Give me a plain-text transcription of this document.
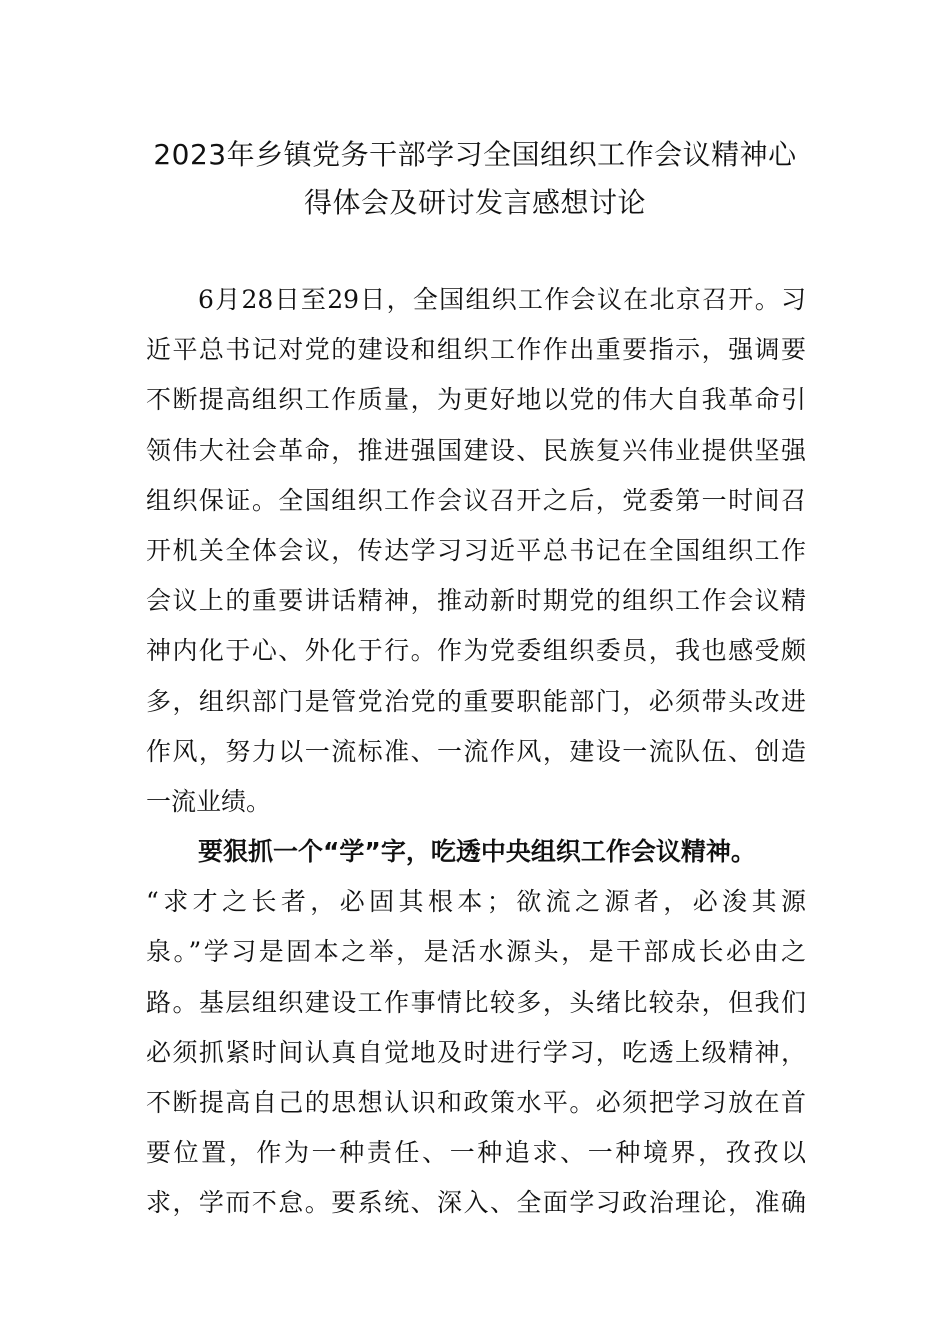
2023年乡镇党务干部学习全国组织工作会议精神心
得体会及研讨发言感想讨论
6月28日至29日，全国组织工作会议在北京召开。习
近平总书记对党的建设和组织工作作出重要指示，强调要
不断提高组织工作质量，为更好地以党的伟大自我革命引
领伟大社会革命，推进强国建设、民族复兴伟业提供坚强
组织保证。全国组织工作会议召开之后，党委第一时间召
开机关全体会议，传达学习习近平总书记在全国组织工作
会议上的重要讲话精神，推动新时期党的组织工作会议精
神内化于心、外化于行。作为党委组织委员，我也感受颇
多，组织部门是管党治党的重要职能部门，必须带头改进
作风，努力以一流标准、一流作风，建设一流队伍、创造
一流业绩。
要狠抓一个“学”字，吃透中央组织工作会议精神。
“求才之长者，必固其根本；欲流之源者，必浚其源
泉。”学习是固本之举，是活水源头，是干部成长必由之
路。基层组织建设工作事情比较多，头绪比较杂，但我们
必须抓紧时间认真自觉地及时进行学习，吃透上级精神，
不断提高自己的思想认识和政策水平。必须把学习放在首
要位置，作为一种责任、一种追求、一种境界，孜孜以
求，学而不怠。要系统、深入、全面学习政治理论，准确
